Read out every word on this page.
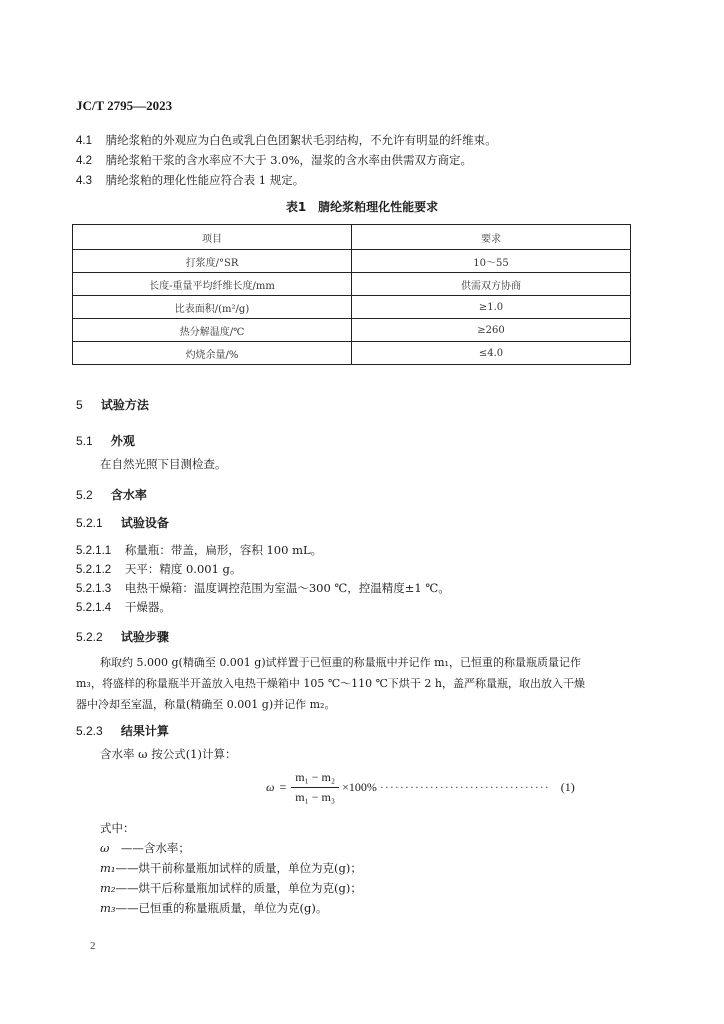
JC/T 2795—2023
4.1 腈纶浆粕的外观应为白色或乳白色团絮状毛羽结构，不允许有明显的纤维束。
4.2 腈纶浆粕干浆的含水率应不大于 3.0%，湿浆的含水率由供需双方商定。
4.3 腈纶浆粕的理化性能应符合表 1 规定。
表1　腈纶浆粕理化性能要求
项目	要求
打浆度/°SR	10～55
长度-重量平均纤维长度/mm	供需双方协商
比表面积/(m²/g)	≥1.0
热分解温度/℃	≥260
灼烧余量/%	≤4.0
5 试验方法
5.1 外观
在自然光照下目测检查。
5.2 含水率
5.2.1 试验设备
5.2.1.1 称量瓶：带盖，扁形，容积 100 mL。
5.2.1.2 天平：精度 0.001 g。
5.2.1.3 电热干燥箱：温度调控范围为室温～300 ℃，控温精度±1 ℃。
5.2.1.4 干燥器。
5.2.2 试验步骤
称取约 5.000 g(精确至 0.001 g)试样置于已恒重的称量瓶中并记作 m₁，已恒重的称量瓶质量记作
m₃，将盛样的称量瓶半开盖放入电热干燥箱中 105 ℃～110 ℃下烘干 2 h，盖严称量瓶，取出放入干燥
器中冷却至室温，称量(精确至 0.001 g)并记作 m₂。
5.2.3 结果计算
含水率 ω 按公式(1)计算：
$\omega = \frac{\text{m₁ − m₂}}{\text{m₁ − m₃}} \times 100\%$ ·································· (1)
式中：
ω　——含水率；
m₁——烘干前称量瓶加试样的质量，单位为克(g)；
m₂——烘干后称量瓶加试样的质量，单位为克(g)；
m₃——已恒重的称量瓶质量，单位为克(g)。
2
